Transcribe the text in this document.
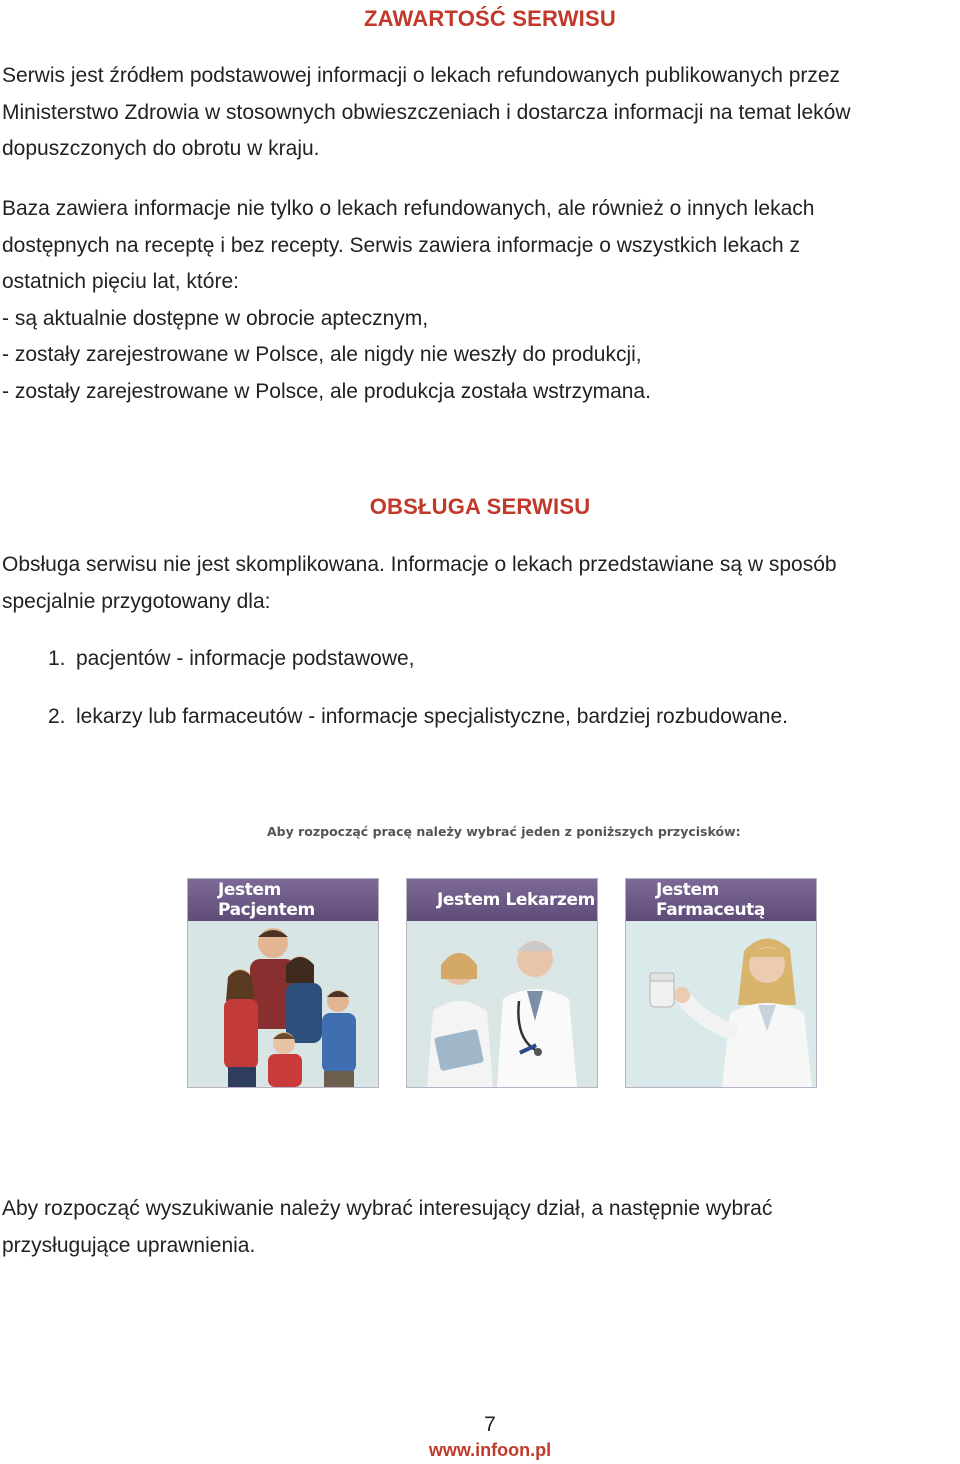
ZAWARTOŚĆ SERWISU
Serwis jest źródłem podstawowej informacji o lekach refundowanych publikowanych przez
Ministerstwo Zdrowia w stosownych obwieszczeniach i dostarcza informacji na temat leków
dopuszczonych do obrotu w kraju.
Baza zawiera informacje nie tylko o lekach refundowanych, ale również o innych lekach
dostępnych na receptę i bez recepty. Serwis zawiera informacje o wszystkich lekach z
ostatnich pięciu lat, które:
- są aktualnie dostępne w obrocie aptecznym,
- zostały zarejestrowane w Polsce, ale nigdy nie weszły do produkcji,
- zostały zarejestrowane w Polsce, ale produkcja została wstrzymana.
OBSŁUGA SERWISU
Obsługa serwisu nie jest skomplikowana. Informacje o lekach przedstawiane są w sposób
specjalnie przygotowany dla:
1. pacjentów - informacje podstawowe,
2. lekarzy lub farmaceutów - informacje specjalistyczne, bardziej rozbudowane.
Aby rozpocząć pracę należy wybrać jeden z poniższych przycisków:
Jestem Pacjentem	Jestem Lekarzem	Jestem Farmaceutą
Aby rozpocząć wyszukiwanie należy wybrać interesujący dział, a następnie wybrać
przysługujące uprawnienia.
7
www.infoon.pl
